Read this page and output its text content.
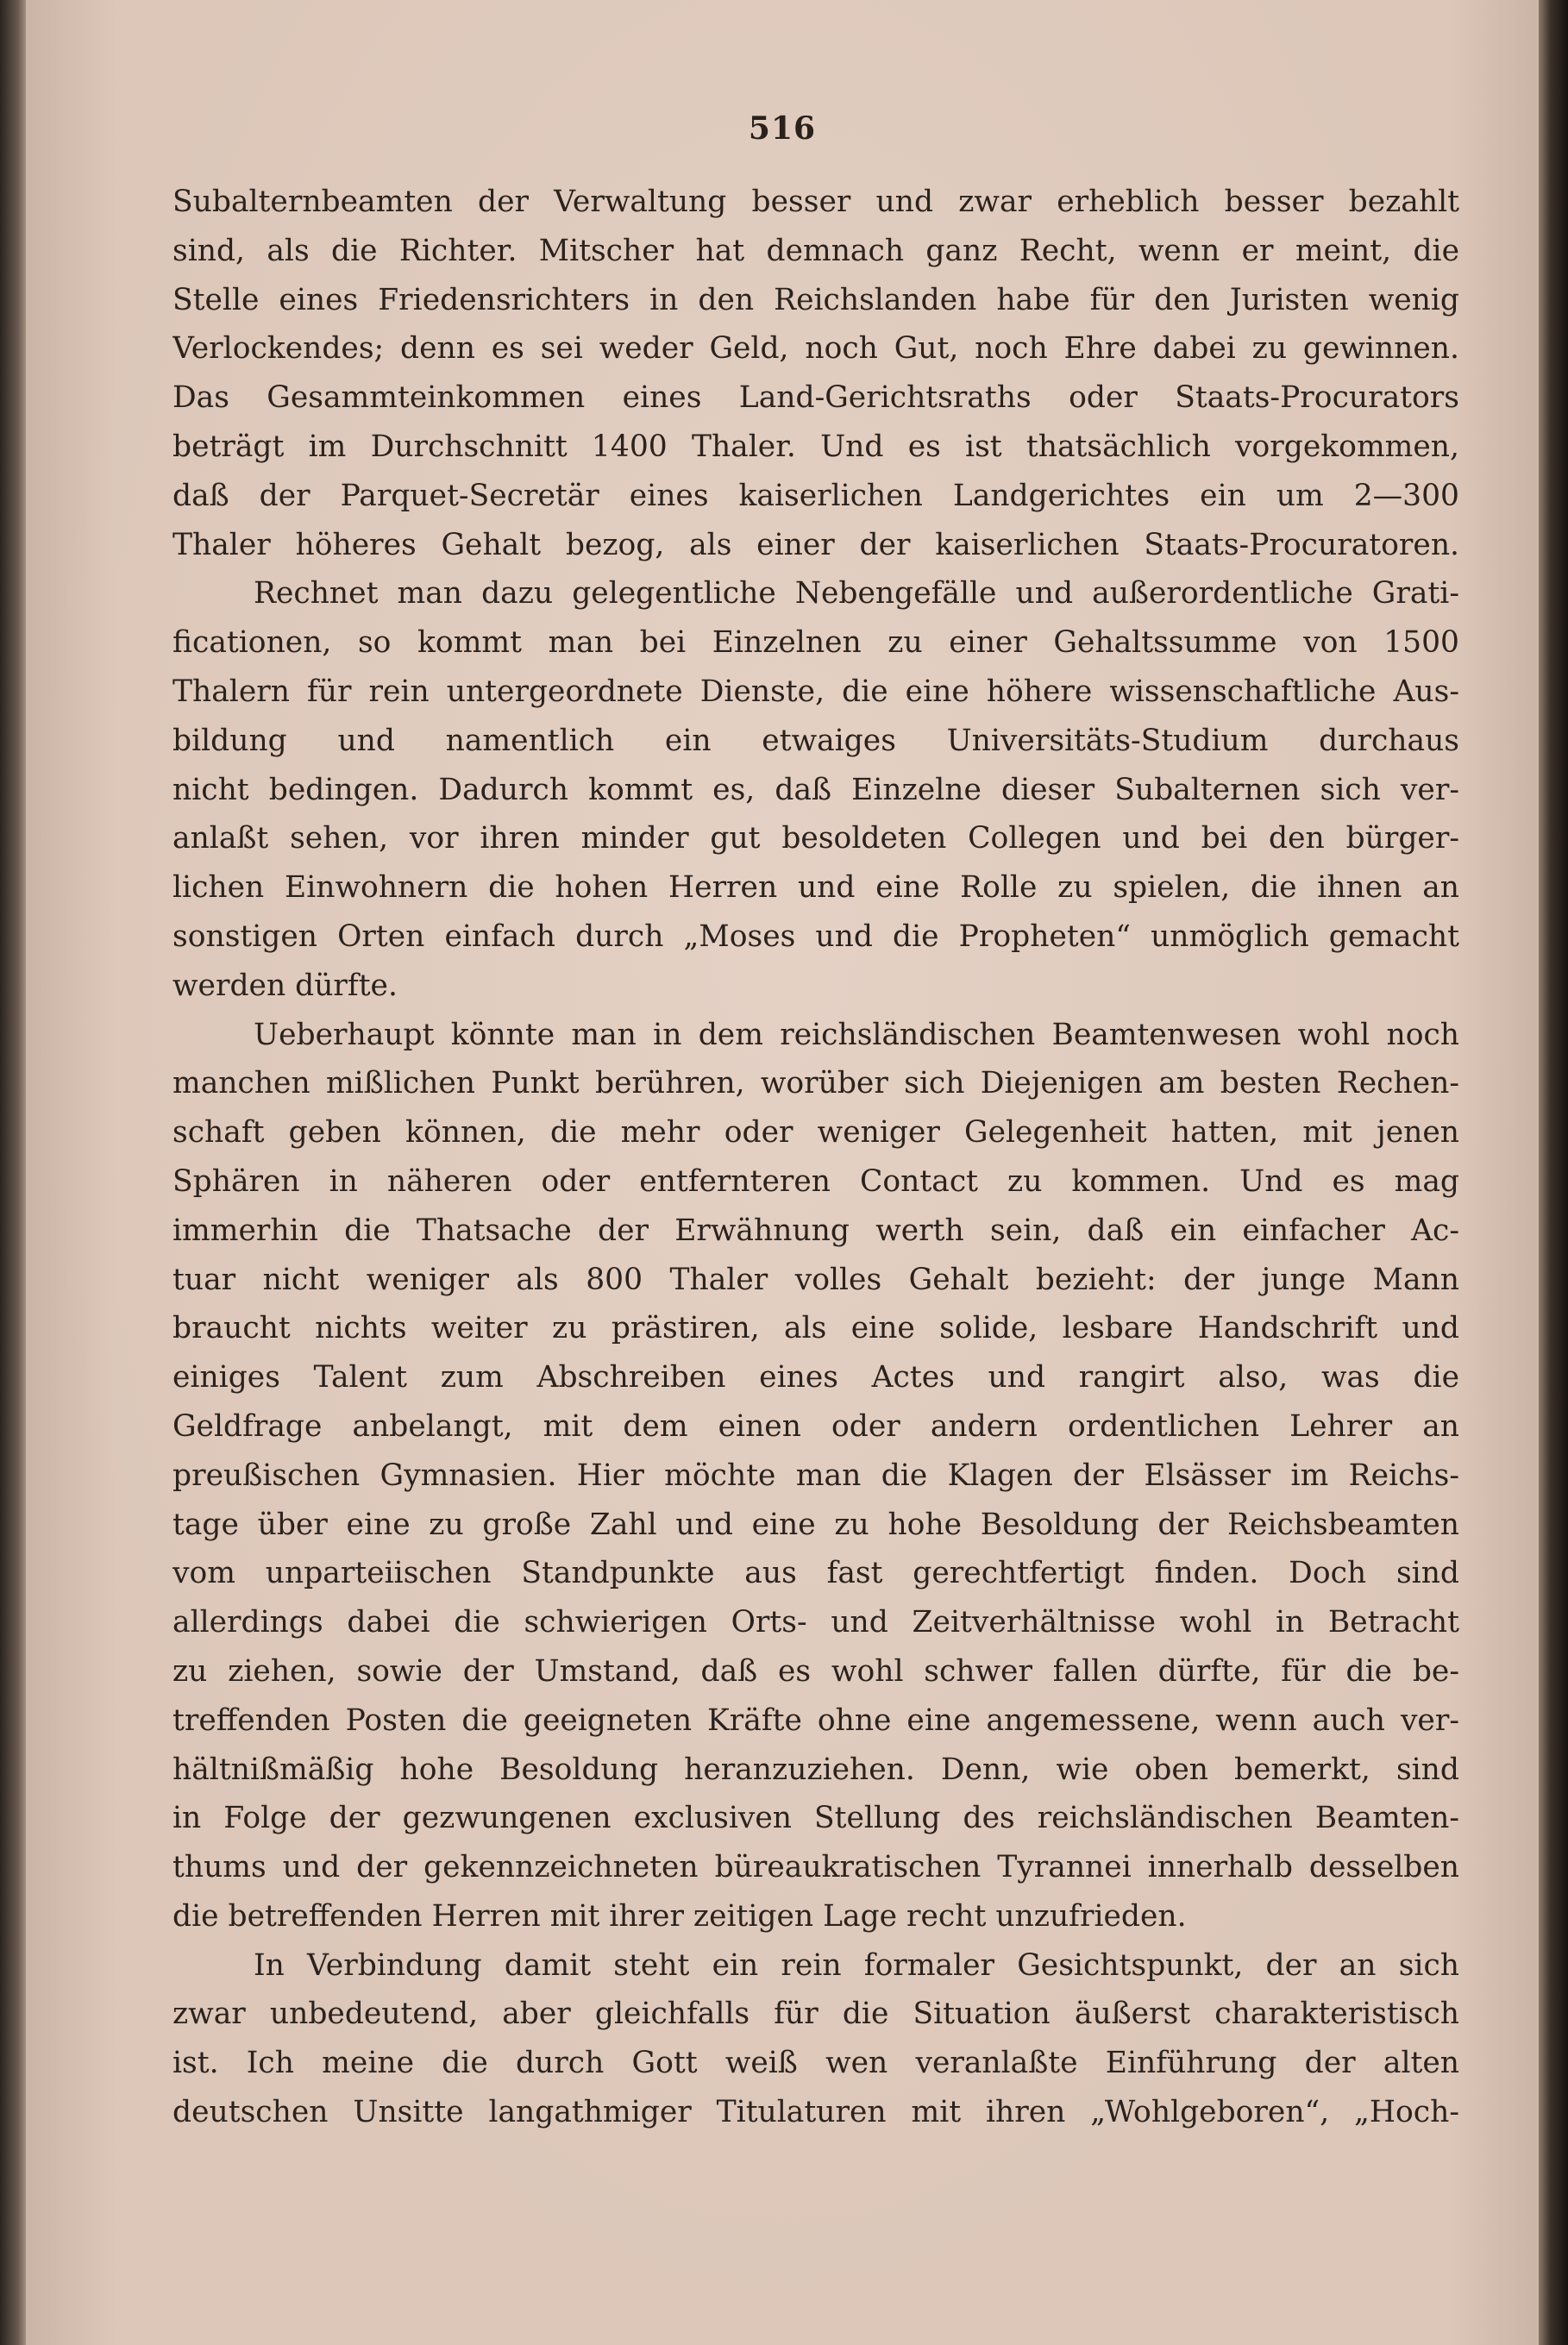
516
Subalternbeamten der Verwaltung besser und zwar erheblich besser bezahlt
sind, als die Richter. Mitscher hat demnach ganz Recht, wenn er meint, die
Stelle eines Friedensrichters in den Reichslanden habe für den Juristen wenig
Verlockendes; denn es sei weder Geld, noch Gut, noch Ehre dabei zu gewinnen.
Das Gesammteinkommen eines Land-Gerichtsraths oder Staats-Procurators
beträgt im Durchschnitt 1400 Thaler. Und es ist thatsächlich vorgekommen,
daß der Parquet-Secretär eines kaiserlichen Landgerichtes ein um 2—300
Thaler höheres Gehalt bezog, als einer der kaiserlichen Staats-Procuratoren.
Rechnet man dazu gelegentliche Nebengefälle und außerordentliche Grati-
ficationen, so kommt man bei Einzelnen zu einer Gehaltssumme von 1500
Thalern für rein untergeordnete Dienste, die eine höhere wissenschaftliche Aus-
bildung und namentlich ein etwaiges Universitäts-Studium durchaus
nicht bedingen. Dadurch kommt es, daß Einzelne dieser Subalternen sich ver-
anlaßt sehen, vor ihren minder gut besoldeten Collegen und bei den bürger-
lichen Einwohnern die hohen Herren und eine Rolle zu spielen, die ihnen an
sonstigen Orten einfach durch „Moses und die Propheten“ unmöglich gemacht
werden dürfte.
Ueberhaupt könnte man in dem reichsländischen Beamtenwesen wohl noch
manchen mißlichen Punkt berühren, worüber sich Diejenigen am besten Rechen-
schaft geben können, die mehr oder weniger Gelegenheit hatten, mit jenen
Sphären in näheren oder entfernteren Contact zu kommen. Und es mag
immerhin die Thatsache der Erwähnung werth sein, daß ein einfacher Ac-
tuar nicht weniger als 800 Thaler volles Gehalt bezieht: der junge Mann
braucht nichts weiter zu prästiren, als eine solide, lesbare Handschrift und
einiges Talent zum Abschreiben eines Actes und rangirt also, was die
Geldfrage anbelangt, mit dem einen oder andern ordentlichen Lehrer an
preußischen Gymnasien. Hier möchte man die Klagen der Elsässer im Reichs-
tage über eine zu große Zahl und eine zu hohe Besoldung der Reichsbeamten
vom unparteiischen Standpunkte aus fast gerechtfertigt finden. Doch sind
allerdings dabei die schwierigen Orts- und Zeitverhältnisse wohl in Betracht
zu ziehen, sowie der Umstand, daß es wohl schwer fallen dürfte, für die be-
treffenden Posten die geeigneten Kräfte ohne eine angemessene, wenn auch ver-
hältnißmäßig hohe Besoldung heranzuziehen. Denn, wie oben bemerkt, sind
in Folge der gezwungenen exclusiven Stellung des reichsländischen Beamten-
thums und der gekennzeichneten büreaukratischen Tyrannei innerhalb desselben
die betreffenden Herren mit ihrer zeitigen Lage recht unzufrieden.
In Verbindung damit steht ein rein formaler Gesichtspunkt, der an sich
zwar unbedeutend, aber gleichfalls für die Situation äußerst charakteristisch
ist. Ich meine die durch Gott weiß wen veranlaßte Einführung der alten
deutschen Unsitte langathmiger Titulaturen mit ihren „Wohlgeboren“, „Hoch-
